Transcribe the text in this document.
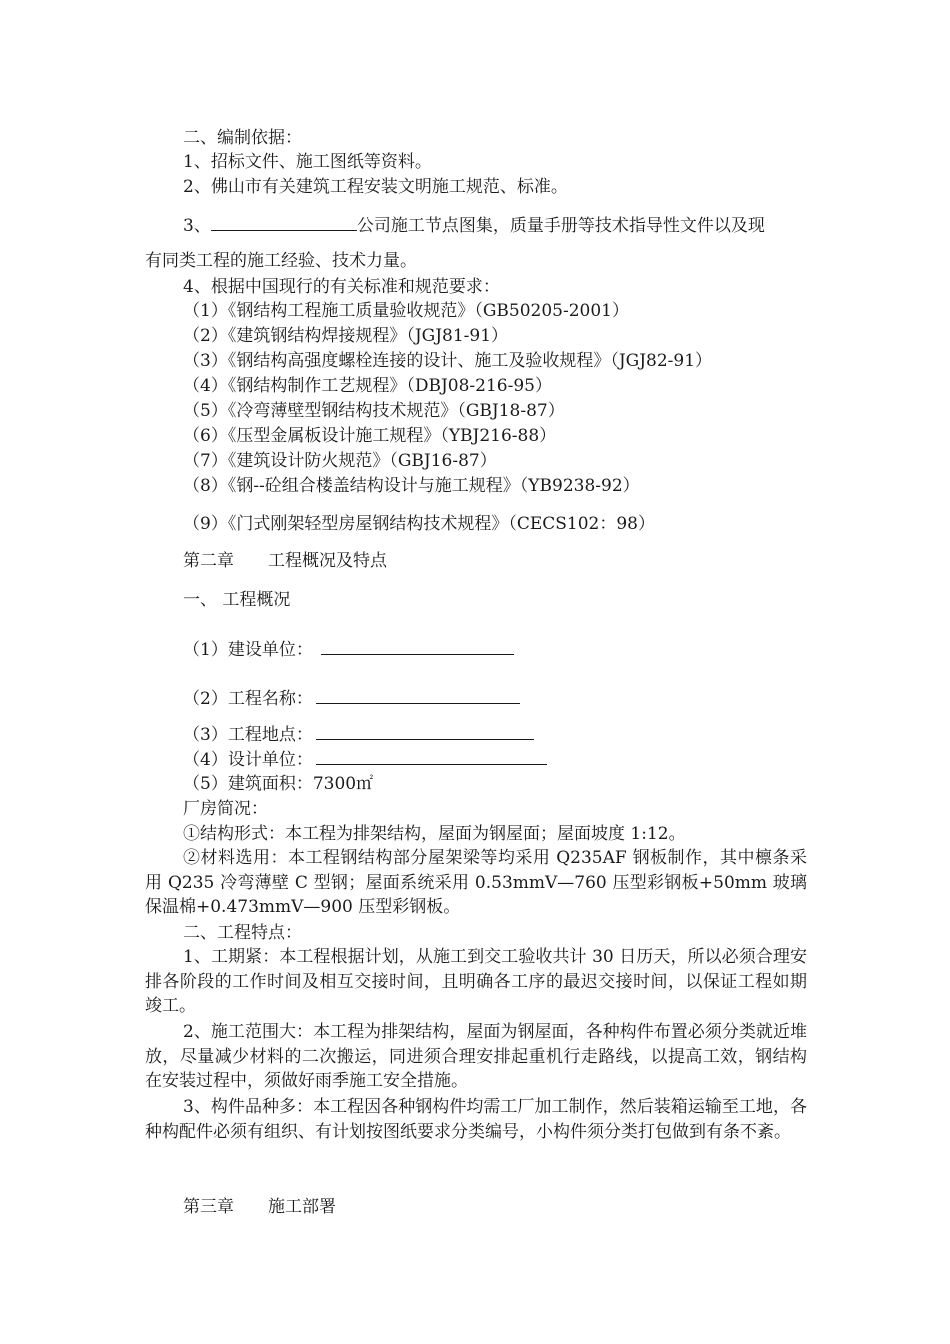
二、编制依据：
1、招标文件、施工图纸等资料。
2、佛山市有关建筑工程安装文明施工规范、标准。
3、	公司施工节点图集，质量手册等技术指导性文件以及现
有同类工程的施工经验、技术力量。
4、根据中国现行的有关标准和规范要求：
（1）《钢结构工程施工质量验收规范》（GB50205-2001）
（2）《建筑钢结构焊接规程》（JGJ81-91）
（3）《钢结构高强度螺栓连接的设计、施工及验收规程》（JGJ82-91）
（4）《钢结构制作工艺规程》（DBJ08-216-95）
（5）《冷弯薄壁型钢结构技术规范》（GBJ18-87）
（6）《压型金属板设计施工规程》（YBJ216-88）
（7）《建筑设计防火规范》（GBJ16-87）
（8）《钢--砼组合楼盖结构设计与施工规程》（YB9238-92）
（9）《门式刚架轻型房屋钢结构技术规程》（CECS102：98）
第二章　　工程概况及特点
一、 工程概况
（1）建设单位：
（2）工程名称：
（3）工程地点：
（4）设计单位：
（5）建筑面积：7300㎡
厂房简况：
①结构形式：本工程为排架结构，屋面为钢屋面；屋面坡度 1:12。
②材料选用：本工程钢结构部分屋架梁等均采用 Q235AF 钢板制作，其中檩条采用 Q235 冷弯薄壁 C 型钢；屋面系统采用 0.53mmV—760 压型彩钢板+50mm 玻璃保温棉+0.473mmV—900 压型彩钢板。
二、工程特点：
1、工期紧：本工程根据计划，从施工到交工验收共计 30 日历天，所以必须合理安排各阶段的工作时间及相互交接时间，且明确各工序的最迟交接时间，以保证工程如期竣工。
2、施工范围大：本工程为排架结构，屋面为钢屋面，各种构件布置必须分类就近堆放，尽量减少材料的二次搬运，同进须合理安排起重机行走路线，以提高工效，钢结构在安装过程中，须做好雨季施工安全措施。
3、构件品种多：本工程因各种钢构件均需工厂加工制作，然后装箱运输至工地，各种构配件必须有组织、有计划按图纸要求分类编号，小构件须分类打包做到有条不紊。
第三章　　施工部署
